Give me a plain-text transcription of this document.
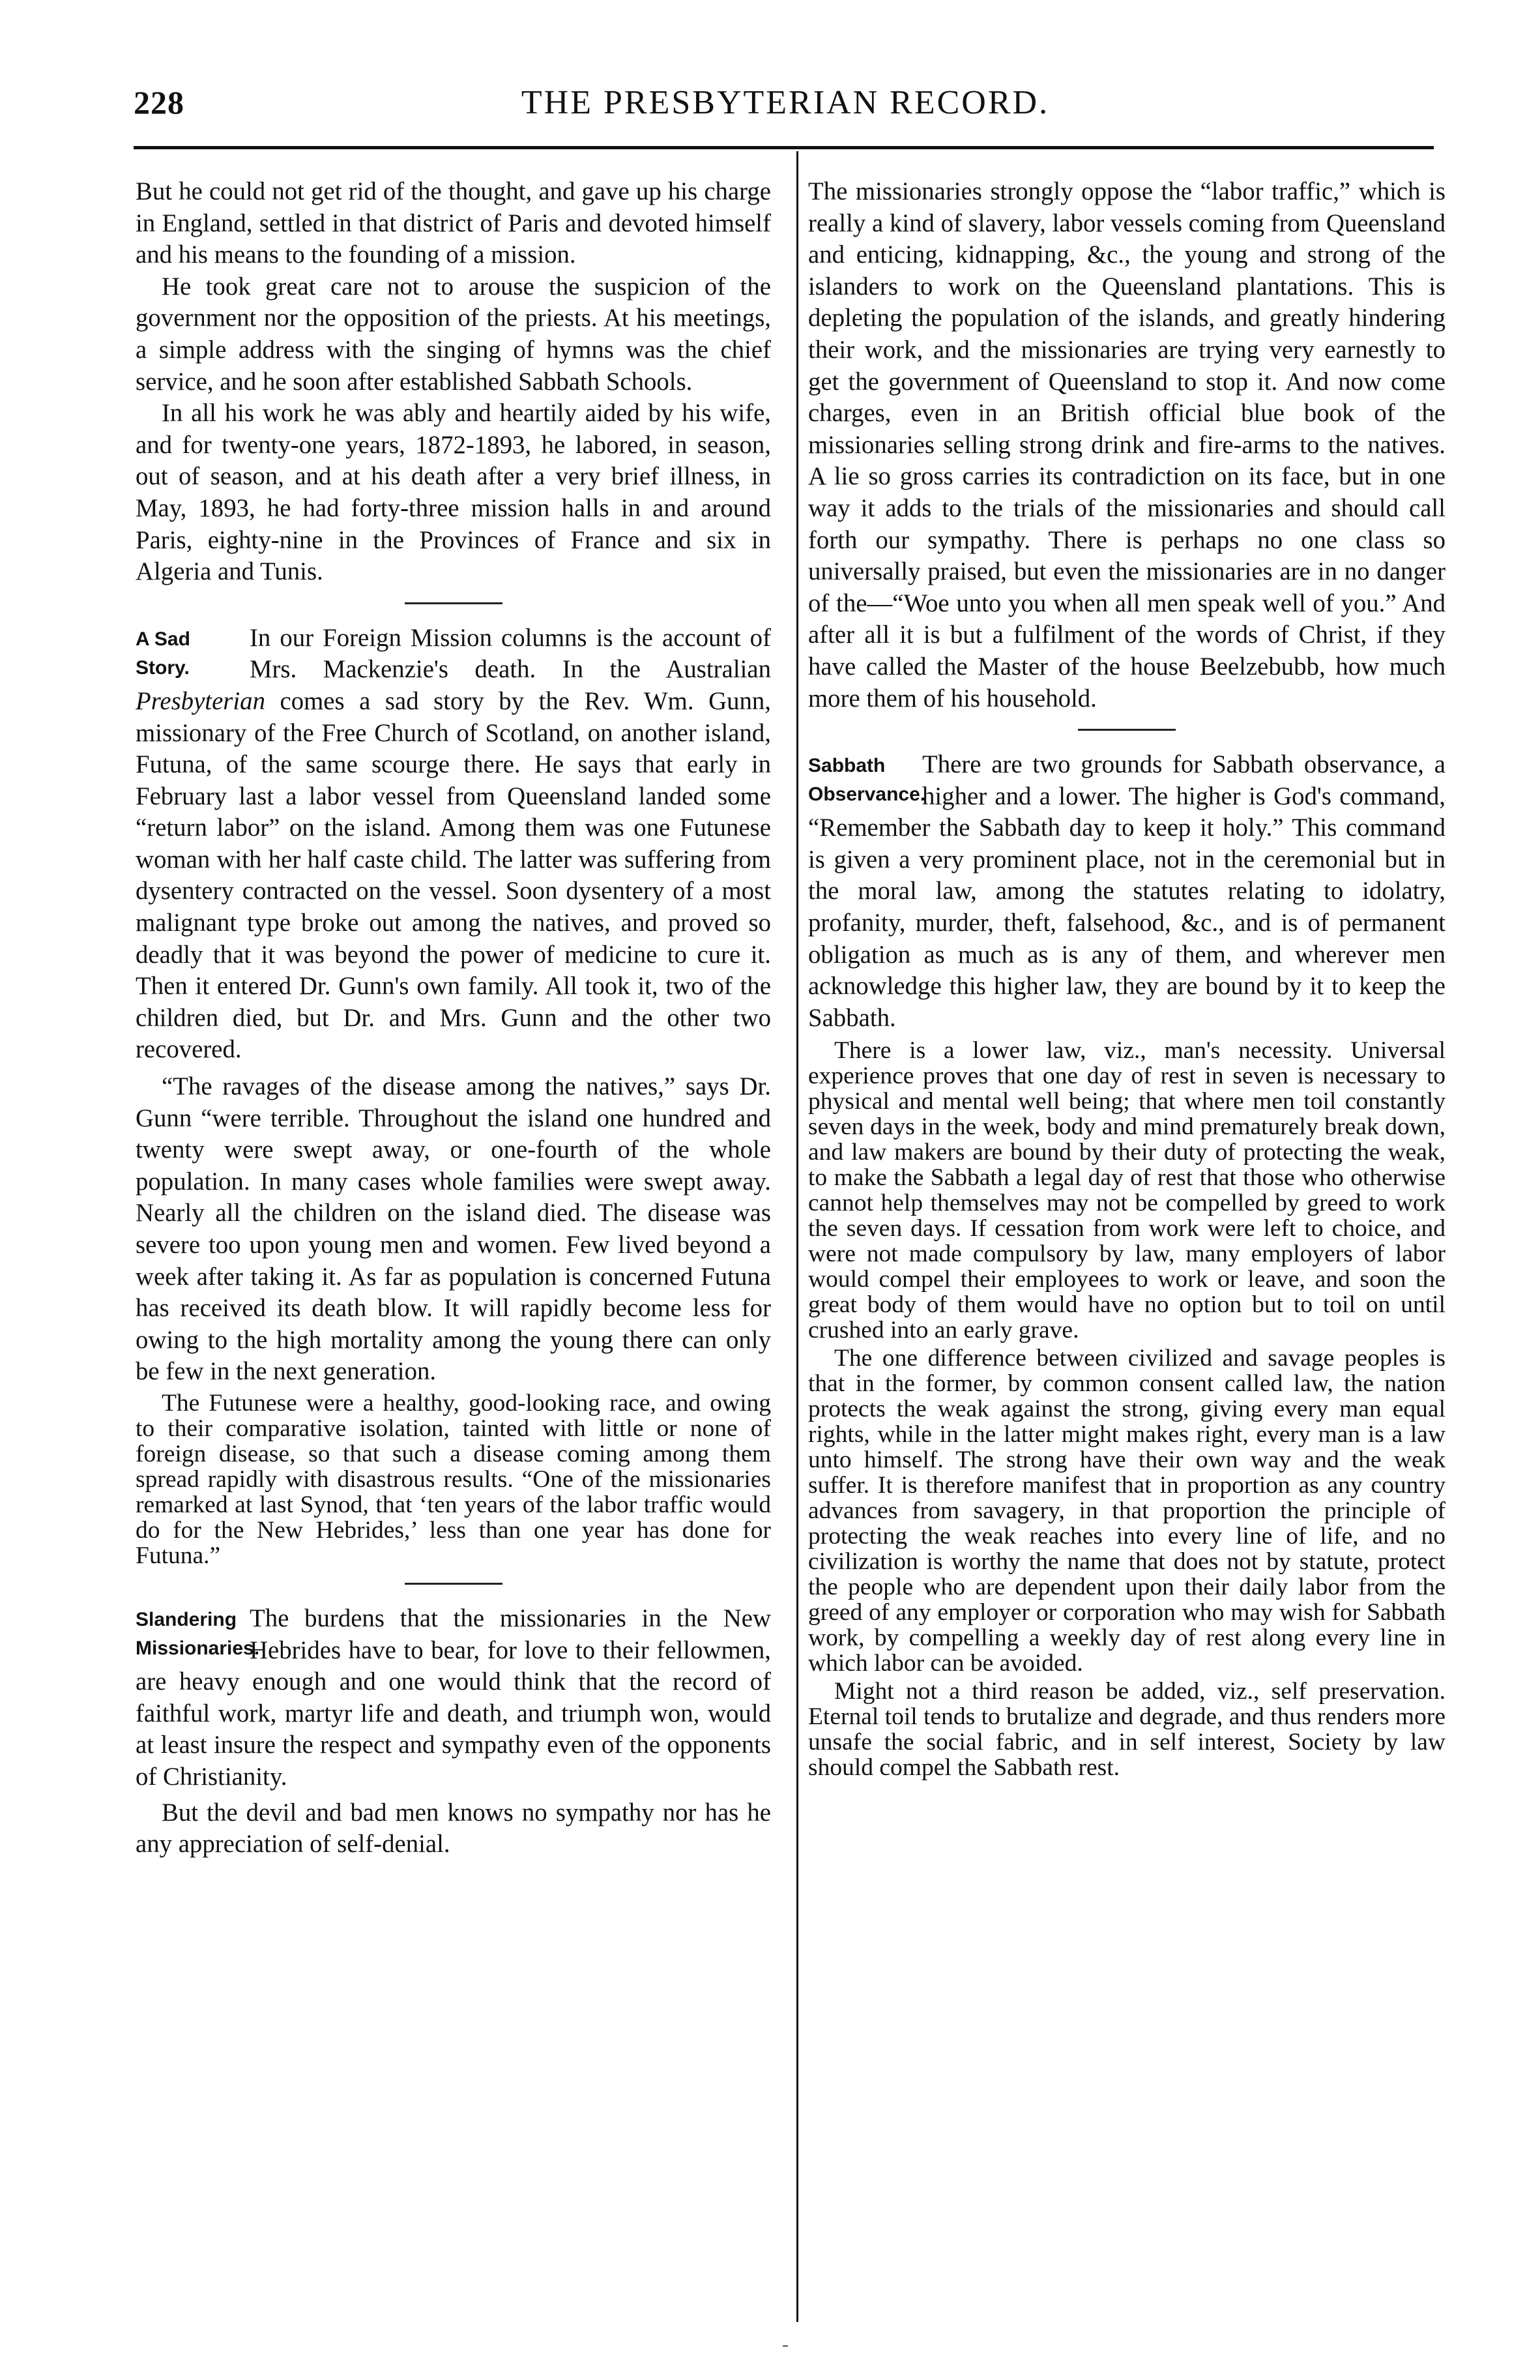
228	THE PRESBYTERIAN RECORD.

But he could not get rid of the thought, and gave up his charge in England, settled in that district of Paris and devoted himself and his means to the founding of a mission.

He took great care not to arouse the suspicion of the government nor the opposition of the priests. At his meetings, a simple address with the singing of hymns was the chief service, and he soon after established Sabbath Schools.

In all his work he was ably and heartily aided by his wife, and for twenty-one years, 1872-1893, he labored, in season, out of season, and at his death after a very brief illness, in May, 1893, he had forty-three mission halls in and around Paris, eighty-nine in the Provinces of France and six in Algeria and Tunis.

A Sad
Story.

In our Foreign Mission columns is the account of Mrs. Mackenzie's death. In the Australian Presbyterian comes a sad story by the Rev. Wm. Gunn, missionary of the Free Church of Scotland, on another island, Futuna, of the same scourge there. He says that early in February last a labor vessel from Queensland landed some “return labor” on the island. Among them was one Futunese woman with her half caste child. The latter was suffering from dysentery contracted on the vessel. Soon dysentery of a most malignant type broke out among the natives, and proved so deadly that it was beyond the power of medicine to cure it. Then it entered Dr. Gunn's own family. All took it, two of the children died, but Dr. and Mrs. Gunn and the other two recovered.

“The ravages of the disease among the natives,” says Dr. Gunn “were terrible. Throughout the island one hundred and twenty were swept away, or one-fourth of the whole population. In many cases whole families were swept away. Nearly all the children on the island died. The disease was severe too upon young men and women. Few lived beyond a week after taking it. As far as population is concerned Futuna has received its death blow. It will rapidly become less for owing to the high mortality among the young there can only be few in the next generation.

The Futunese were a healthy, good-looking race, and owing to their comparative isolation, tainted with little or none of foreign disease, so that such a disease coming among them spread rapidly with disastrous results. “One of the missionaries remarked at last Synod, that ‘ten years of the labor traffic would do for the New Hebrides,’ less than one year has done for Futuna.”

Slandering
Missionaries.

The burdens that the missionaries in the New Hebrides have to bear, for love to their fellowmen, are heavy enough and one would think that the record of faithful work, martyr life and death, and triumph won, would at least insure the respect and sympathy even of the opponents of Christianity.

But the devil and bad men knows no sympathy nor has he any appreciation of self-denial.

The missionaries strongly oppose the “labor traffic,” which is really a kind of slavery, labor vessels coming from Queensland and enticing, kidnapping, &c., the young and strong of the islanders to work on the Queensland plantations. This is depleting the population of the islands, and greatly hindering their work, and the missionaries are trying very earnestly to get the government of Queensland to stop it. And now come charges, even in an British official blue book of the missionaries selling strong drink and fire-arms to the natives. A lie so gross carries its contradiction on its face, but in one way it adds to the trials of the missionaries and should call forth our sympathy. There is perhaps no one class so universally praised, but even the missionaries are in no danger of the—“Woe unto you when all men speak well of you.” And after all it is but a fulfilment of the words of Christ, if they have called the Master of the house Beelzebubb, how much more them of his household.

Sabbath
Observance.

There are two grounds for Sabbath observance, a higher and a lower. The higher is God's command, “Remember the Sabbath day to keep it holy.” This command is given a very prominent place, not in the ceremonial but in the moral law, among the statutes relating to idolatry, profanity, murder, theft, falsehood, &c., and is of permanent obligation as much as is any of them, and wherever men acknowledge this higher law, they are bound by it to keep the Sabbath.

There is a lower law, viz., man's necessity. Universal experience proves that one day of rest in seven is necessary to physical and mental well being; that where men toil constantly seven days in the week, body and mind prematurely break down, and law makers are bound by their duty of protecting the weak, to make the Sabbath a legal day of rest that those who otherwise cannot help themselves may not be compelled by greed to work the seven days. If cessation from work were left to choice, and were not made compulsory by law, many employers of labor would compel their employees to work or leave, and soon the great body of them would have no option but to toil on until crushed into an early grave.

The one difference between civilized and savage peoples is that in the former, by common consent called law, the nation protects the weak against the strong, giving every man equal rights, while in the latter might makes right, every man is a law unto himself. The strong have their own way and the weak suffer. It is therefore manifest that in proportion as any country advances from savagery, in that proportion the principle of protecting the weak reaches into every line of life, and no civilization is worthy the name that does not by statute, protect the people who are dependent upon their daily labor from the greed of any employer or corporation who may wish for Sabbath work, by compelling a weekly day of rest along every line in which labor can be avoided.

Might not a third reason be added, viz., self preservation. Eternal toil tends to brutalize and degrade, and thus renders more unsafe the social fabric, and in self interest, Society by law should compel the Sabbath rest.

-
